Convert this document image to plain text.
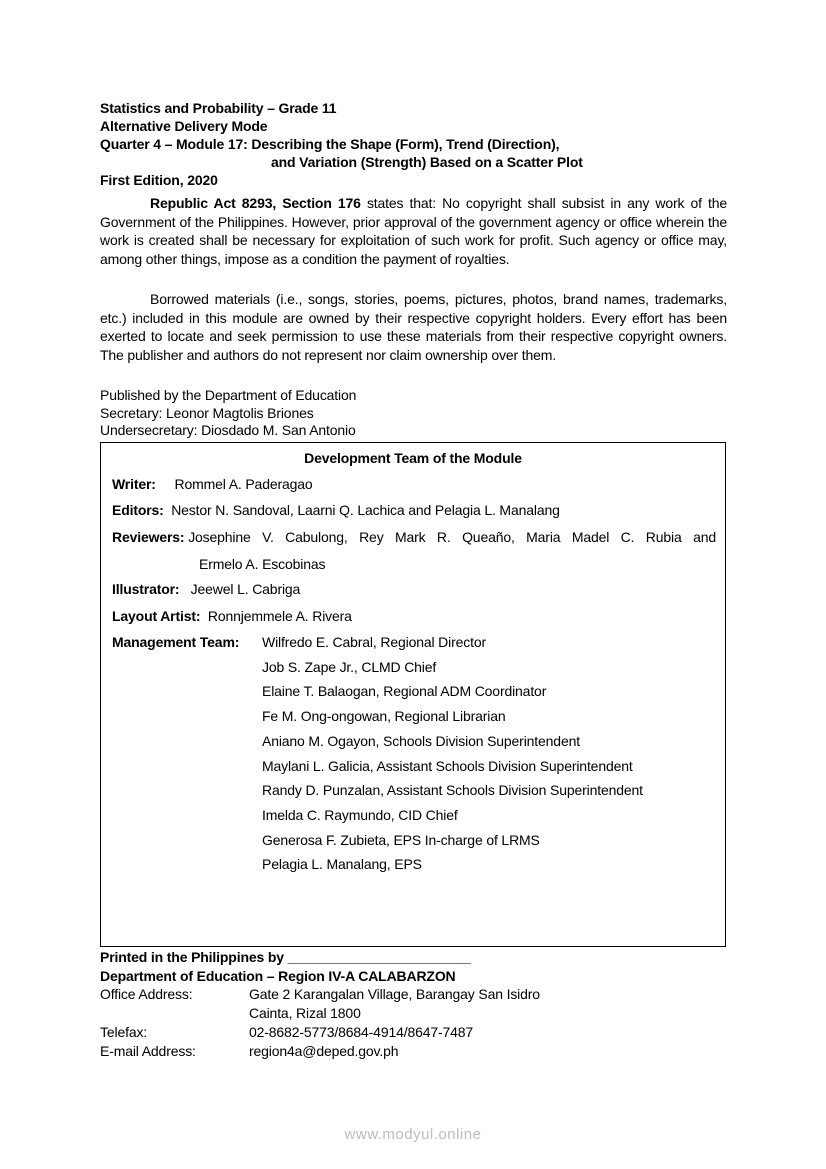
Statistics and Probability – Grade 11
Alternative Delivery Mode
Quarter 4 – Module 17: Describing the Shape (Form), Trend (Direction),
and Variation (Strength) Based on a Scatter Plot
First Edition, 2020

Republic Act 8293, Section 176 states that: No copyright shall subsist in any work of the Government of the Philippines. However, prior approval of the government agency or office wherein the work is created shall be necessary for exploitation of such work for profit. Such agency or office may, among other things, impose as a condition the payment of royalties.

Borrowed materials (i.e., songs, stories, poems, pictures, photos, brand names, trademarks, etc.) included in this module are owned by their respective copyright holders. Every effort has been exerted to locate and seek permission to use these materials from their respective copyright owners. The publisher and authors do not represent nor claim ownership over them.

Published by the Department of Education
Secretary: Leonor Magtolis Briones
Undersecretary: Diosdado M. San Antonio
Development Team of the Module
Writer: Rommel A. Paderagao
Editors: Nestor N. Sandoval, Laarni Q. Lachica and Pelagia L. Manalang
Reviewers:
Josephine V. Cabulong, Rey Mark R. Queaño, Maria Madel C. Rubia and
Ermelo A. Escobinas
Illustrator: Jeewel L. Cabriga
Layout Artist: Ronnjemmele A. Rivera
Management Team: Wilfredo E. Cabral, Regional Director
Job S. Zape Jr., CLMD Chief
Elaine T. Balaogan, Regional ADM Coordinator
Fe M. Ong-ongowan, Regional Librarian
Aniano M. Ogayon, Schools Division Superintendent
Maylani L. Galicia, Assistant Schools Division Superintendent
Randy D. Punzalan, Assistant Schools Division Superintendent
Imelda C. Raymundo, CID Chief
Generosa F. Zubieta, EPS In-charge of LRMS
Pelagia L. Manalang, EPS
Printed in the Philippines by ________________________
Department of Education – Region IV-A CALABARZON
Office Address:	Gate 2 Karangalan Village, Barangay San Isidro
Cainta, Rizal 1800
Telefax:	02-8682-5773/8684-4914/8647-7487
E-mail Address:	region4a@deped.gov.ph
www.modyul.online
